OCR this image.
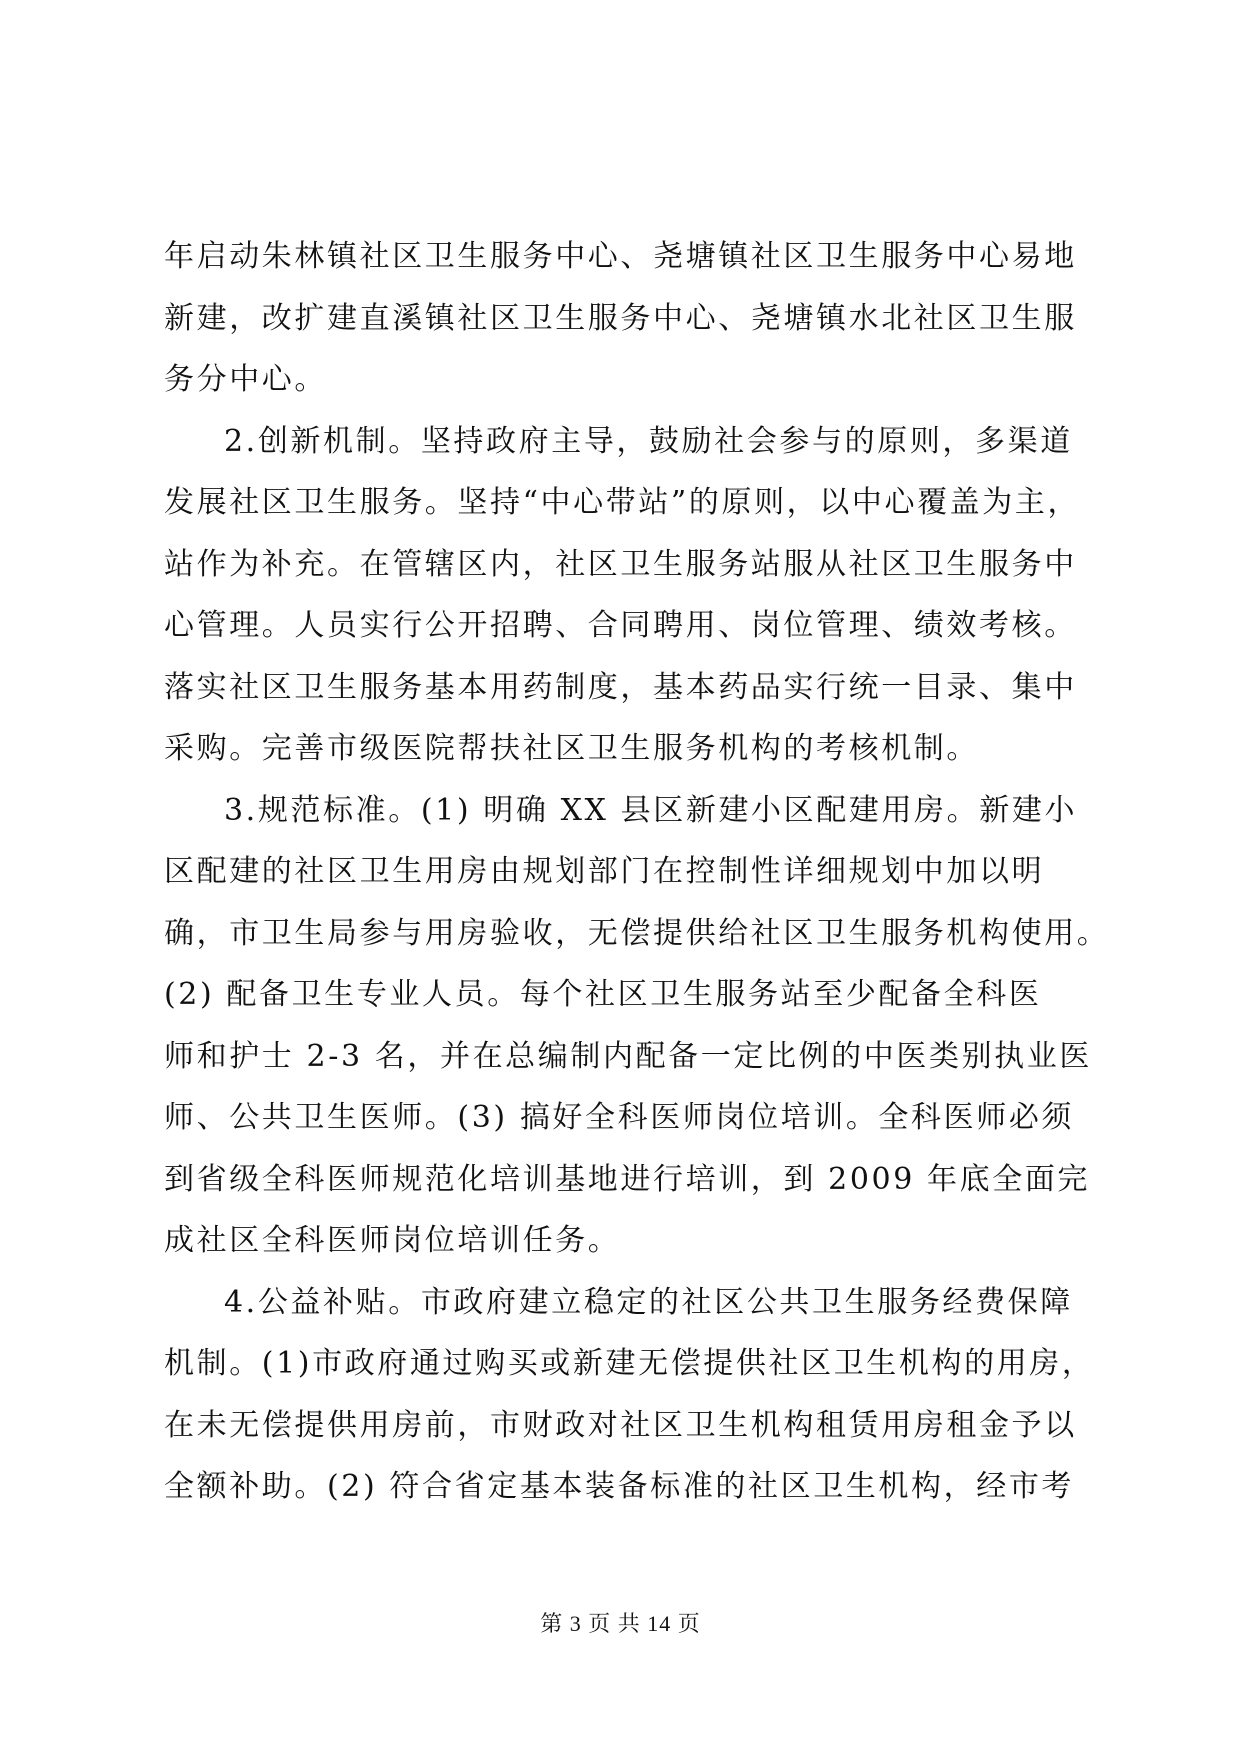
年启动朱林镇社区卫生服务中心、尧塘镇社区卫生服务中心易地
新建，改扩建直溪镇社区卫生服务中心、尧塘镇水北社区卫生服
务分中心。

2.创新机制。坚持政府主导，鼓励社会参与的原则，多渠道
发展社区卫生服务。坚持“中心带站”的原则，以中心覆盖为主，
站作为补充。在管辖区内，社区卫生服务站服从社区卫生服务中
心管理。人员实行公开招聘、合同聘用、岗位管理、绩效考核。
落实社区卫生服务基本用药制度，基本药品实行统一目录、集中
采购。完善市级医院帮扶社区卫生服务机构的考核机制。

3.规范标准。(1) 明确 XX 县区新建小区配建用房。新建小
区配建的社区卫生用房由规划部门在控制性详细规划中加以明
确，市卫生局参与用房验收，无偿提供给社区卫生服务机构使用。
(2) 配备卫生专业人员。每个社区卫生服务站至少配备全科医
师和护士 2-3 名，并在总编制内配备一定比例的中医类别执业医
师、公共卫生医师。(3) 搞好全科医师岗位培训。全科医师必须
到省级全科医师规范化培训基地进行培训，到 2009 年底全面完
成社区全科医师岗位培训任务。

4.公益补贴。市政府建立稳定的社区公共卫生服务经费保障
机制。(1)市政府通过购买或新建无偿提供社区卫生机构的用房，
在未无偿提供用房前，市财政对社区卫生机构租赁用房租金予以
全额补助。(2) 符合省定基本装备标准的社区卫生机构，经市考

第 3 页 共 14 页
